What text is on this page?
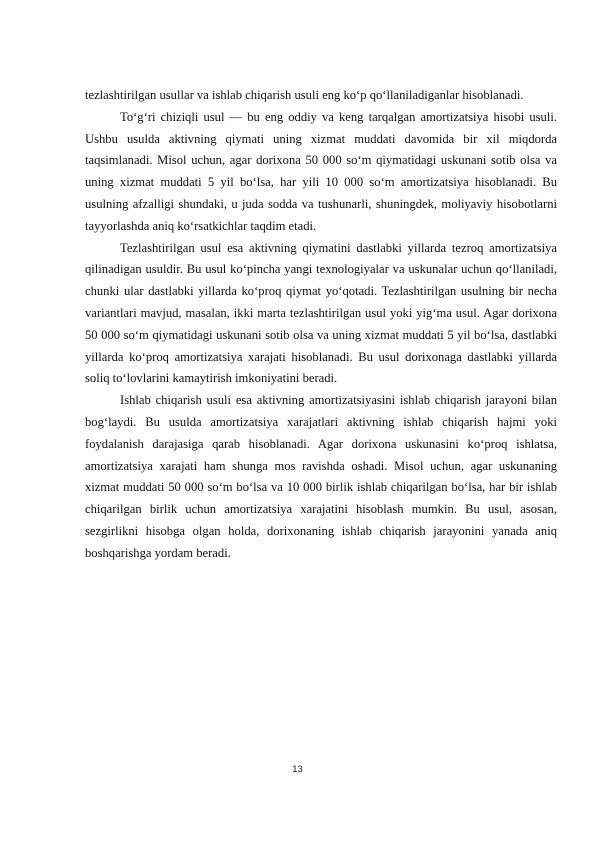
tezlashtirilgan usullar va ishlab chiqarish usuli eng ko‘p qo‘llaniladiganlar hisoblanadi.

To‘g‘ri chiziqli usul — bu eng oddiy va keng tarqalgan amortizatsiya hisobi usuli. Ushbu usulda aktivning qiymati uning xizmat muddati davomida bir xil miqdorda taqsimlanadi. Misol uchun, agar dorixona 50 000 so‘m qiymatidagi uskunani sotib olsa va uning xizmat muddati 5 yil bo‘lsa, har yili 10 000 so‘m amortizatsiya hisoblanadi. Bu usulning afzalligi shundaki, u juda sodda va tushunarli, shuningdek, moliyaviy hisobotlarni tayyorlashda aniq ko‘rsatkichlar taqdim etadi.

Tezlashtirilgan usul esa aktivning qiymatini dastlabki yillarda tezroq amortizatsiya qilinadigan usuldir. Bu usul ko‘pincha yangi texnologiyalar va uskunalar uchun qo‘llaniladi, chunki ular dastlabki yillarda ko‘proq qiymat yo‘qotadi. Tezlashtirilgan usulning bir necha variantlari mavjud, masalan, ikki marta tezlashtirilgan usul yoki yig‘ma usul. Agar dorixona 50 000 so‘m qiymatidagi uskunani sotib olsa va uning xizmat muddati 5 yil bo‘lsa, dastlabki yillarda ko‘proq amortizatsiya xarajati hisoblanadi. Bu usul dorixonaga dastlabki yillarda soliq to‘lovlarini kamaytirish imkoniyatini beradi.

Ishlab chiqarish usuli esa aktivning amortizatsiyasini ishlab chiqarish jarayoni bilan bog‘laydi. Bu usulda amortizatsiya xarajatlari aktivning ishlab chiqarish hajmi yoki foydalanish darajasiga qarab hisoblanadi. Agar dorixona uskunasini ko‘proq ishlatsa, amortizatsiya xarajati ham shunga mos ravishda oshadi. Misol uchun, agar uskunaning xizmat muddati 50 000 so‘m bo‘lsa va 10 000 birlik ishlab chiqarilgan bo‘lsa, har bir ishlab chiqarilgan birlik uchun amortizatsiya xarajatini hisoblash mumkin. Bu usul, asosan, sezgirlikni hisobga olgan holda, dorixonaning ishlab chiqarish jarayonini yanada aniq boshqarishga yordam beradi.

13
